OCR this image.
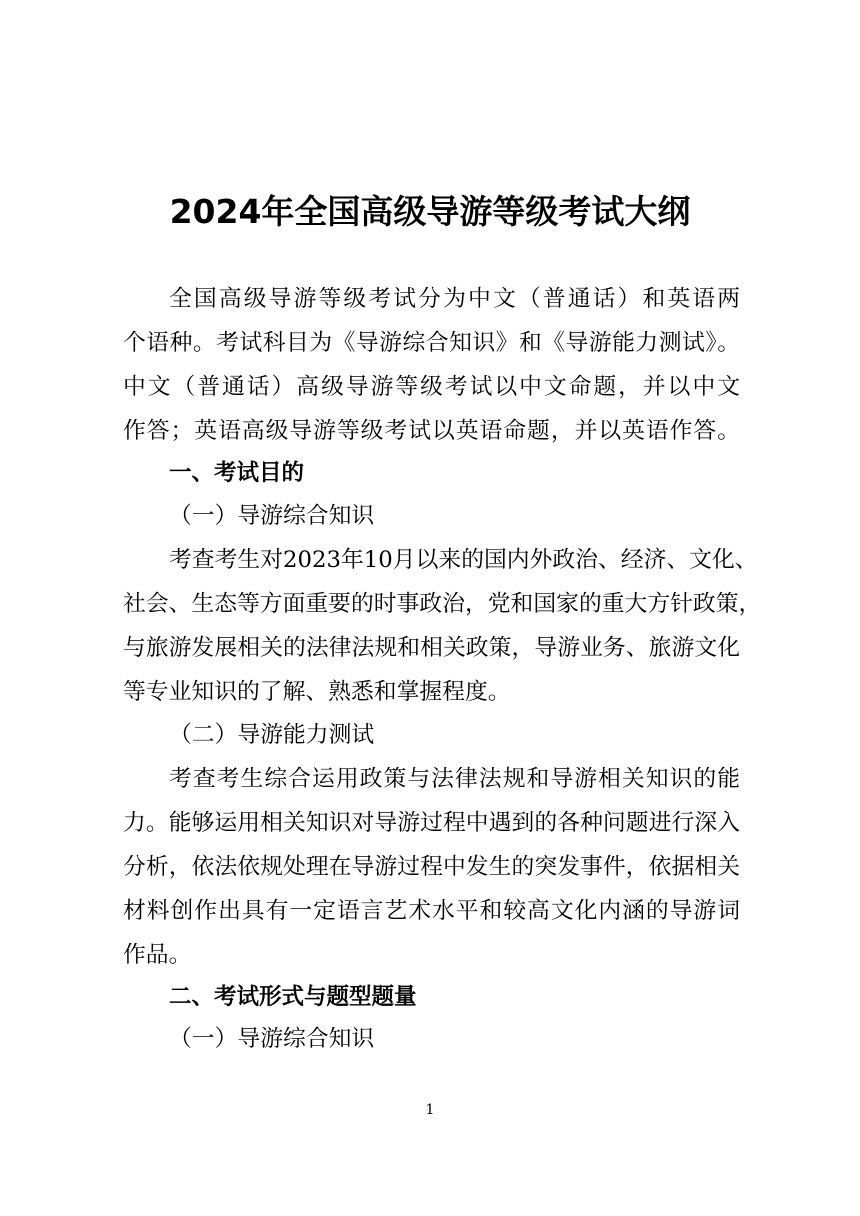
2024年全国高级导游等级考试大纲

全国高级导游等级考试分为中文（普通话）和英语两

个语种。考试科目为《导游综合知识》和《导游能力测试》。

中文（普通话）高级导游等级考试以中文命题，并以中文

作答；英语高级导游等级考试以英语命题，并以英语作答。

一、考试目的

（一）导游综合知识

考查考生对2023年10月以来的国内外政治、经济、文化、

社会、生态等方面重要的时事政治，党和国家的重大方针政策，

与旅游发展相关的法律法规和相关政策，导游业务、旅游文化

等专业知识的了解、熟悉和掌握程度。

（二）导游能力测试

考查考生综合运用政策与法律法规和导游相关知识的能

力。能够运用相关知识对导游过程中遇到的各种问题进行深入

分析，依法依规处理在导游过程中发生的突发事件，依据相关

材料创作出具有一定语言艺术水平和较高文化内涵的导游词

作品。

二、考试形式与题型题量

（一）导游综合知识

1
